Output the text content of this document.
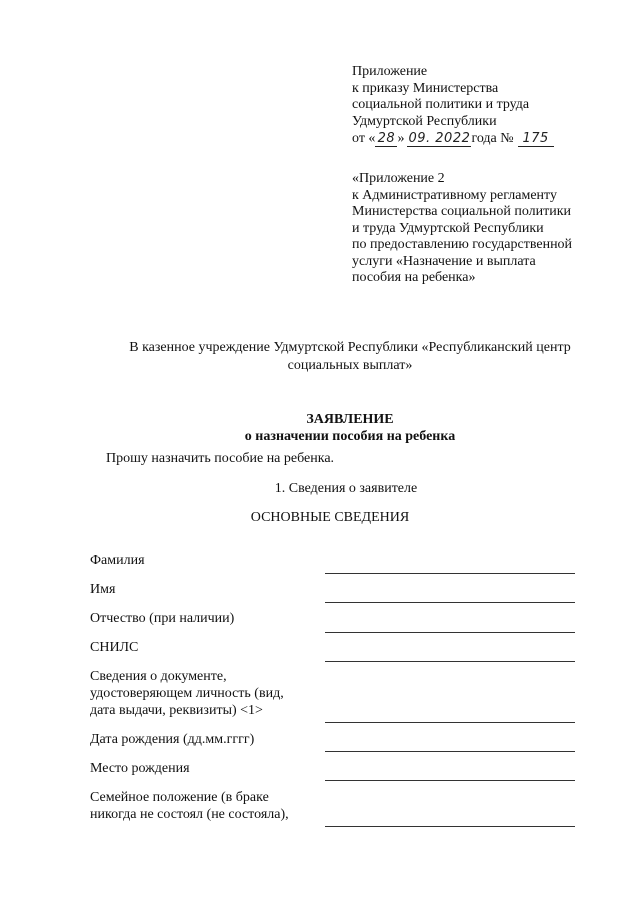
Приложение
к приказу Министерства
социальной политики и труда
Удмуртской Республики
от « 28 » 09. 2022года № 175
«Приложение 2
к Административному регламенту
Министерства социальной политики
и труда Удмуртской Республики
по предоставлению государственной
услуги «Назначение и выплата
пособия на ребенка»
В казенное учреждение Удмуртской Республики «Республиканский центр
социальных выплат»
ЗАЯВЛЕНИЕ
о назначении пособия на ребенка
Прошу назначить пособие на ребенка.
1. Сведения о заявителе
ОСНОВНЫЕ СВЕДЕНИЯ
Фамилия
Имя
Отчество (при наличии)
СНИЛС
Сведения о документе,
удостоверяющем личность (вид,
дата выдачи, реквизиты) <1>
Дата рождения (дд.мм.гггг)
Место рождения
Семейное положение (в браке
никогда не состоял (не состояла),
